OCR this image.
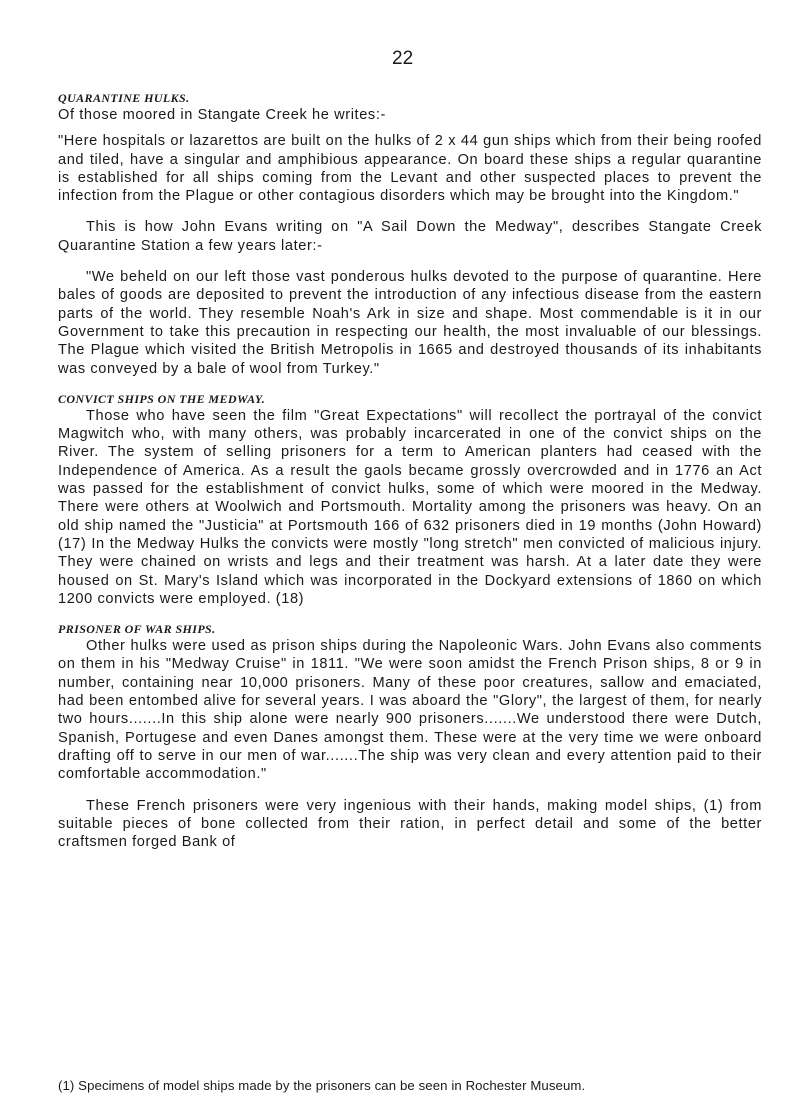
22
QUARANTINE HULKS.

Of those moored in Stangate Creek he writes:-

"Here hospitals or lazarettos are built on the hulks of 2 x 44 gun ships which from their being roofed and tiled, have a singular and amphibious appearance. On board these ships a regular quarantine is established for all ships coming from the Levant and other suspected places to prevent the infection from the Plague or other contagious disorders which may be brought into the Kingdom."

This is how John Evans writing on "A Sail Down the Medway", describes Stangate Creek Quarantine Station a few years later:-

"We beheld on our left those vast ponderous hulks devoted to the purpose of quarantine. Here bales of goods are deposited to prevent the introduction of any infectious disease from the eastern parts of the world. They resemble Noah's Ark in size and shape. Most commendable is it in our Government to take this precaution in respecting our health, the most invaluable of our blessings. The Plague which visited the British Metropolis in 1665 and destroyed thousands of its inhabitants was conveyed by a bale of wool from Turkey."

CONVICT SHIPS ON THE MEDWAY.

Those who have seen the film "Great Expectations" will recollect the portrayal of the convict Magwitch who, with many others, was probably incarcerated in one of the convict ships on the River. The system of selling prisoners for a term to American planters had ceased with the Independence of America. As a result the gaols became grossly overcrowded and in 1776 an Act was passed for the establishment of convict hulks, some of which were moored in the Medway. There were others at Woolwich and Portsmouth. Mortality among the prisoners was heavy. On an old ship named the "Justicia" at Portsmouth 166 of 632 prisoners died in 19 months (John Howard) (17) In the Medway Hulks the convicts were mostly "long stretch" men convicted of malicious injury. They were chained on wrists and legs and their treatment was harsh. At a later date they were housed on St. Mary's Island which was incorporated in the Dockyard extensions of 1860 on which 1200 convicts were employed. (18)

PRISONER OF WAR SHIPS.

Other hulks were used as prison ships during the Napoleonic Wars. John Evans also comments on them in his "Medway Cruise" in 1811. "We were soon amidst the French Prison ships, 8 or 9 in number, containing near 10,000 prisoners. Many of these poor creatures, sallow and emaciated, had been entombed alive for several years. I was aboard the "Glory", the largest of them, for nearly two hours.......In this ship alone were nearly 900 prisoners.......We understood there were Dutch, Spanish, Portugese and even Danes amongst them. These were at the very time we were onboard drafting off to serve in our men of war.......The ship was very clean and every attention paid to their comfortable accommodation."

These French prisoners were very ingenious with their hands, making model ships, (1) from suitable pieces of bone collected from their ration, in perfect detail and some of the better craftsmen forged Bank of

(1) Specimens of model ships made by the prisoners can be seen in Rochester Museum.
